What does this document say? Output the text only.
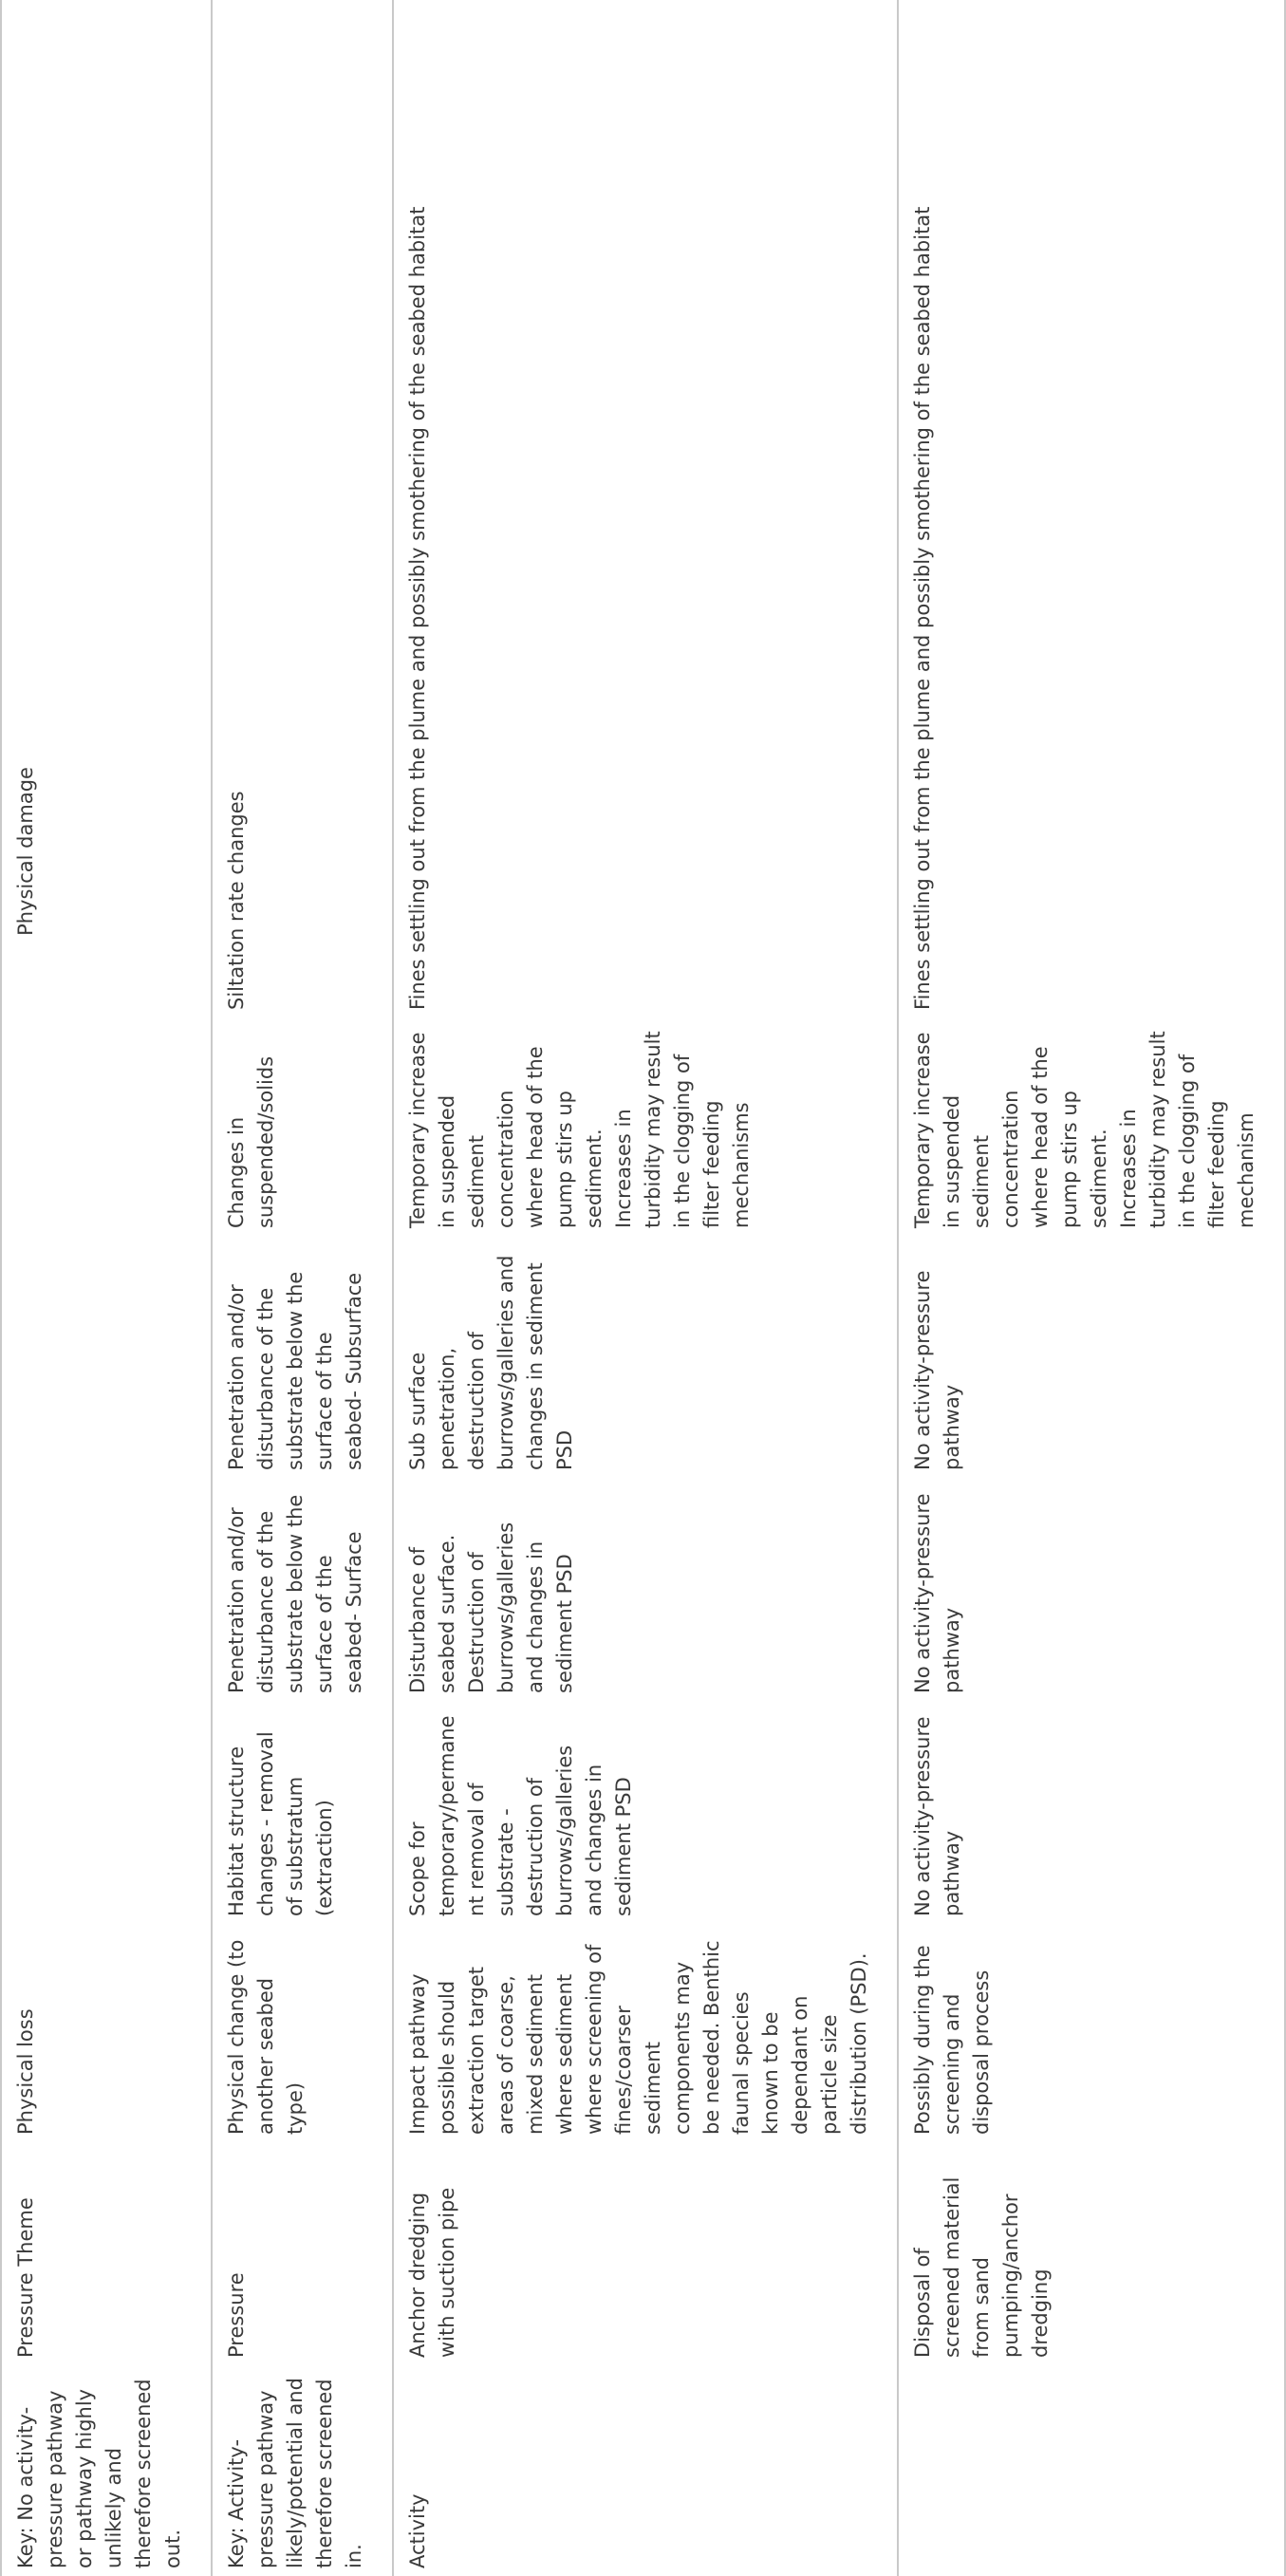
Key: No activity-pressure pathway or pathway highly unlikely and therefore screened out.	Pressure Theme	Physical loss		Physical damage			
Key: Activity-pressure pathway likely/potential and therefore screened in.	Pressure	Physical change (to another seabed type)	Habitat structure changes - removal of substratum (extraction)	Penetration and/or disturbance of the substrate below the surface of the seabed- Surface	Penetration and/or disturbance of the substrate below the surface of the seabed- Subsurface	Changes in suspended/solids	Siltation rate changes
Activity	Anchor dredging with suction pipe	Impact pathway possible should extraction target areas of coarse, mixed sediment where sediment where screening of fines/coarser sediment components may be needed. Benthic faunal species known to be dependant on particle size distribution (PSD).	Scope for temporary/permanent removal of substrate - destruction of burrows/galleries and changes in sediment PSD	Disturbance of seabed surface. Destruction of burrows/galleries and changes in sediment PSD	Sub surface penetration, destruction of burrows/galleries and changes in sediment PSD	Temporary increase in suspended sediment concentration where head of the pump stirs up sediment. Increases in turbidity may result in the clogging of filter feeding mechanisms	Fines settling out from the plume and possibly smothering of the seabed habitat
	Disposal of screened material from sand pumping/anchor dredging	Possibly during the screening and disposal process	No activity-pressure pathway	No activity-pressure pathway	No activity-pressure pathway	Temporary increase in suspended sediment concentration where head of the pump stirs up sediment. Increases in turbidity may result in the clogging of filter feeding mechanism	Fines settling out from the plume and possibly smothering of the seabed habitat
